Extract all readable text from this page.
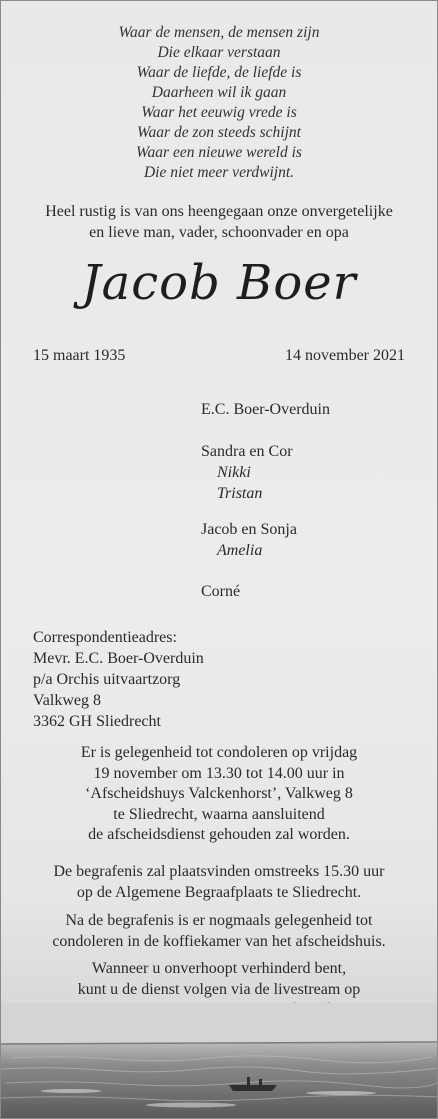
Waar de mensen, de mensen zijn
Die elkaar verstaan
Waar de liefde, de liefde is
Daarheen wil ik gaan
Waar het eeuwig vrede is
Waar de zon steeds schijnt
Waar een nieuwe wereld is
Die niet meer verdwijnt.
Heel rustig is van ons heengegaan onze onvergetelijke
en lieve man, vader, schoonvader en opa
Jacob Boer
15 maart 1935	14 november 2021
E.C. Boer-Overduin
Sandra en Cor
Nikki
Tristan
Jacob en Sonja
Amelia
Corné
Correspondentieadres:
Mevr. E.C. Boer-Overduin
p/a Orchis uitvaartzorg
Valkweg 8
3362 GH Sliedrecht
Er is gelegenheid tot condoleren op vrijdag
19 november om 13.30 tot 14.00 uur in
‘Afscheidshuys Valckenhorst’, Valkweg 8
te Sliedrecht, waarna aansluitend
de afscheidsdienst gehouden zal worden.
De begrafenis zal plaatsvinden omstreeks 15.30 uur
op de Algemene Begraafplaats te Sliedrecht.
Na de begrafenis is er nogmaals gelegenheid tot
condoleren in de koffiekamer van het afscheidshuis.
Wanneer u onverhoopt verhinderd bent,
kunt u de dienst volgen via de livestream op
